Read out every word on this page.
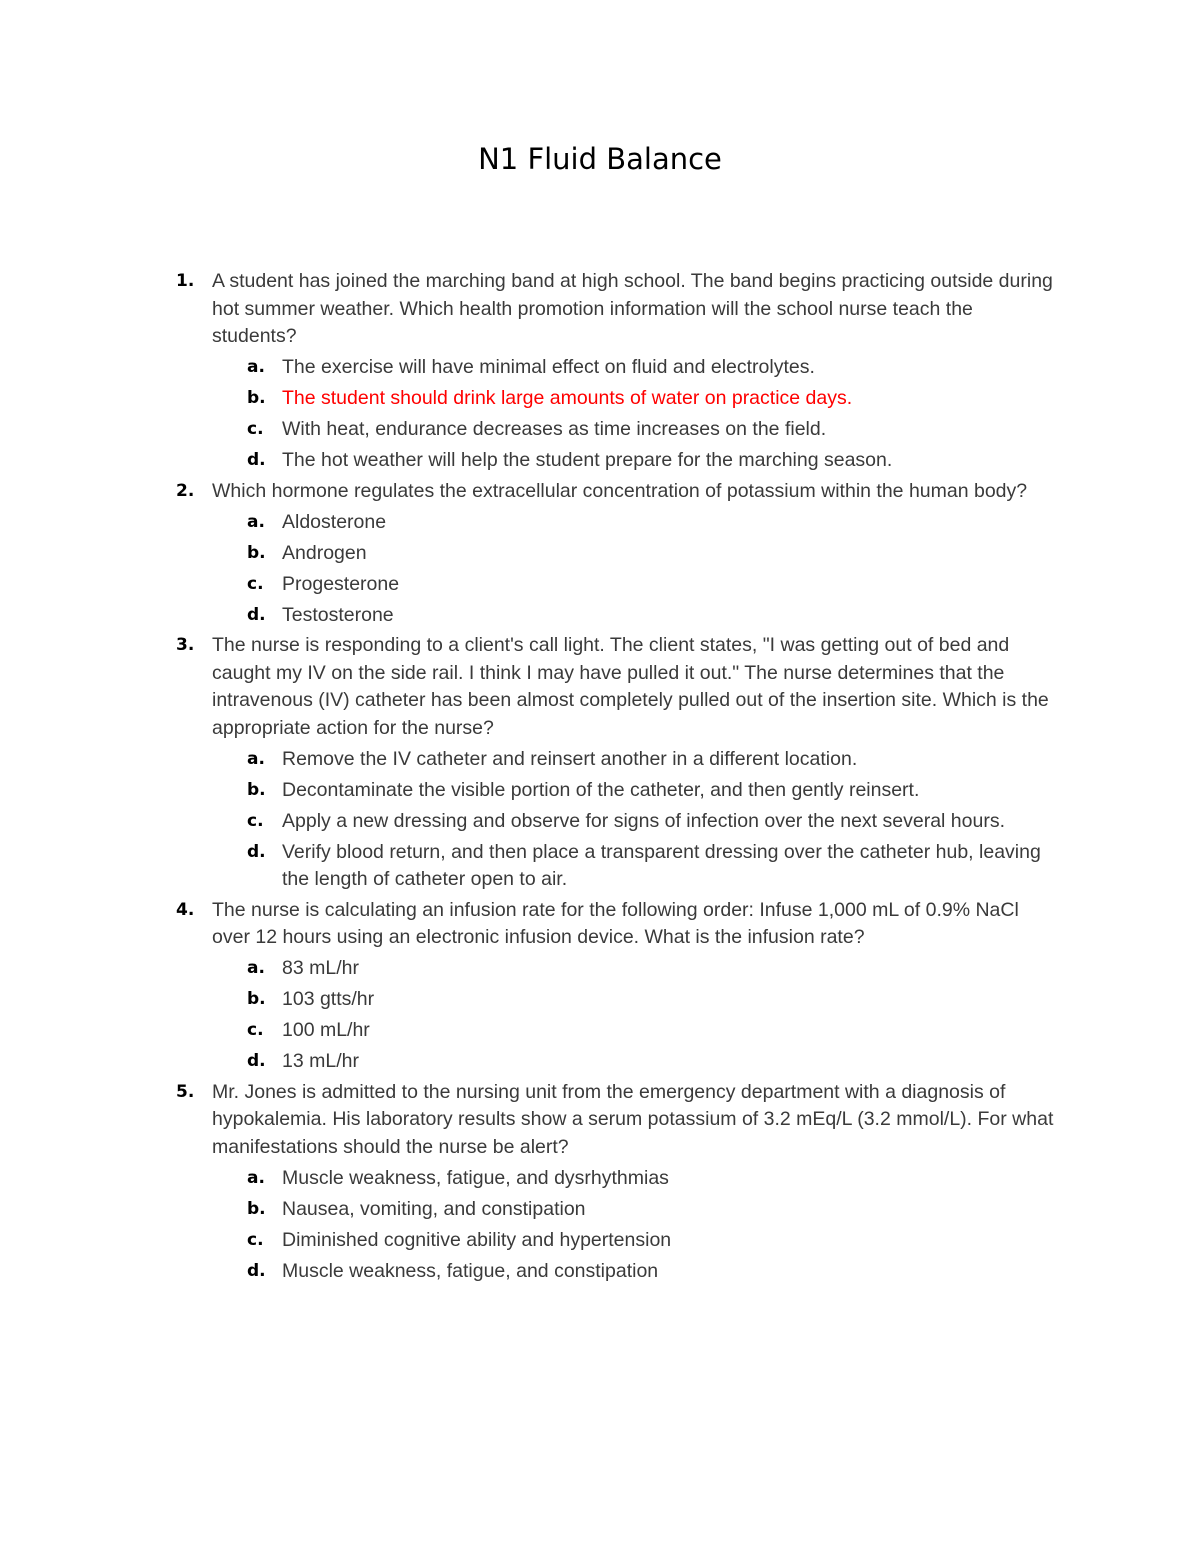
N1 Fluid Balance
1. A student has joined the marching band at high school. The band begins practicing outside during hot summer weather. Which health promotion information will the school nurse teach the students?
a. The exercise will have minimal effect on fluid and electrolytes.
b. The student should drink large amounts of water on practice days.
c. With heat, endurance decreases as time increases on the field.
d. The hot weather will help the student prepare for the marching season.
2. Which hormone regulates the extracellular concentration of potassium within the human body?
a. Aldosterone
b. Androgen
c. Progesterone
d. Testosterone
3. The nurse is responding to a client's call light. The client states, "I was getting out of bed and caught my IV on the side rail. I think I may have pulled it out." The nurse determines that the intravenous (IV) catheter has been almost completely pulled out of the insertion site. Which is the appropriate action for the nurse?
a. Remove the IV catheter and reinsert another in a different location.
b. Decontaminate the visible portion of the catheter, and then gently reinsert.
c. Apply a new dressing and observe for signs of infection over the next several hours.
d. Verify blood return, and then place a transparent dressing over the catheter hub, leaving the length of catheter open to air.
4. The nurse is calculating an infusion rate for the following order: Infuse 1,000 mL of 0.9% NaCl over 12 hours using an electronic infusion device. What is the infusion rate?
a. 83 mL/hr
b. 103 gtts/hr
c. 100 mL/hr
d. 13 mL/hr
5. Mr. Jones is admitted to the nursing unit from the emergency department with a diagnosis of hypokalemia. His laboratory results show a serum potassium of 3.2 mEq/L (3.2 mmol/L). For what manifestations should the nurse be alert?
a. Muscle weakness, fatigue, and dysrhythmias
b. Nausea, vomiting, and constipation
c. Diminished cognitive ability and hypertension
d. Muscle weakness, fatigue, and constipation
